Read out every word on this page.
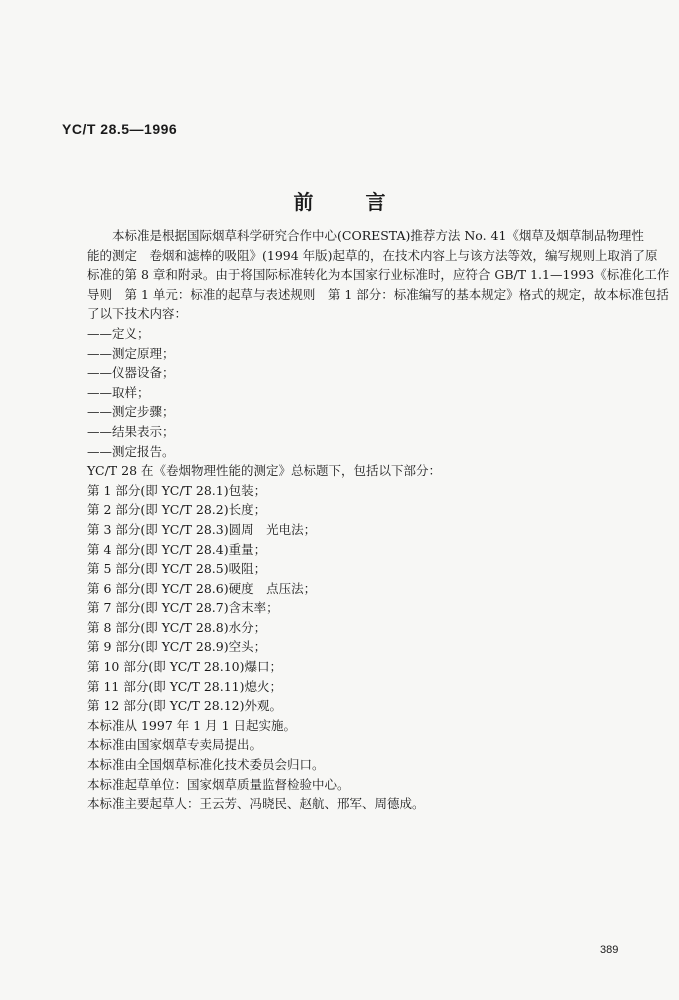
YC/T 28.5—1996
前	言
本标准是根据国际烟草科学研究合作中心(CORESTA)推荐方法 No. 41《烟草及烟草制品物理性
能的测定　卷烟和滤棒的吸阻》(1994 年版)起草的，在技术内容上与该方法等效，编写规则上取消了原
标准的第 8 章和附录。由于将国际标准转化为本国家行业标准时，应符合 GB/T 1.1—1993《标准化工作
导则　第 1 单元：标准的起草与表述规则　第 1 部分：标准编写的基本规定》格式的规定，故本标准包括
了以下技术内容：
——定义；
——测定原理；
——仪器设备；
——取样；
——测定步骤；
——结果表示；
——测定报告。
YC/T 28 在《卷烟物理性能的测定》总标题下，包括以下部分：
第 1 部分(即 YC/T 28.1)包装；
第 2 部分(即 YC/T 28.2)长度；
第 3 部分(即 YC/T 28.3)圆周　光电法；
第 4 部分(即 YC/T 28.4)重量；
第 5 部分(即 YC/T 28.5)吸阻；
第 6 部分(即 YC/T 28.6)硬度　点压法；
第 7 部分(即 YC/T 28.7)含末率；
第 8 部分(即 YC/T 28.8)水分；
第 9 部分(即 YC/T 28.9)空头；
第 10 部分(即 YC/T 28.10)爆口；
第 11 部分(即 YC/T 28.11)熄火；
第 12 部分(即 YC/T 28.12)外观。
本标准从 1997 年 1 月 1 日起实施。
本标准由国家烟草专卖局提出。
本标准由全国烟草标准化技术委员会归口。
本标准起草单位：国家烟草质量监督检验中心。
本标准主要起草人：王云芳、冯晓民、赵航、邢军、周德成。
389
